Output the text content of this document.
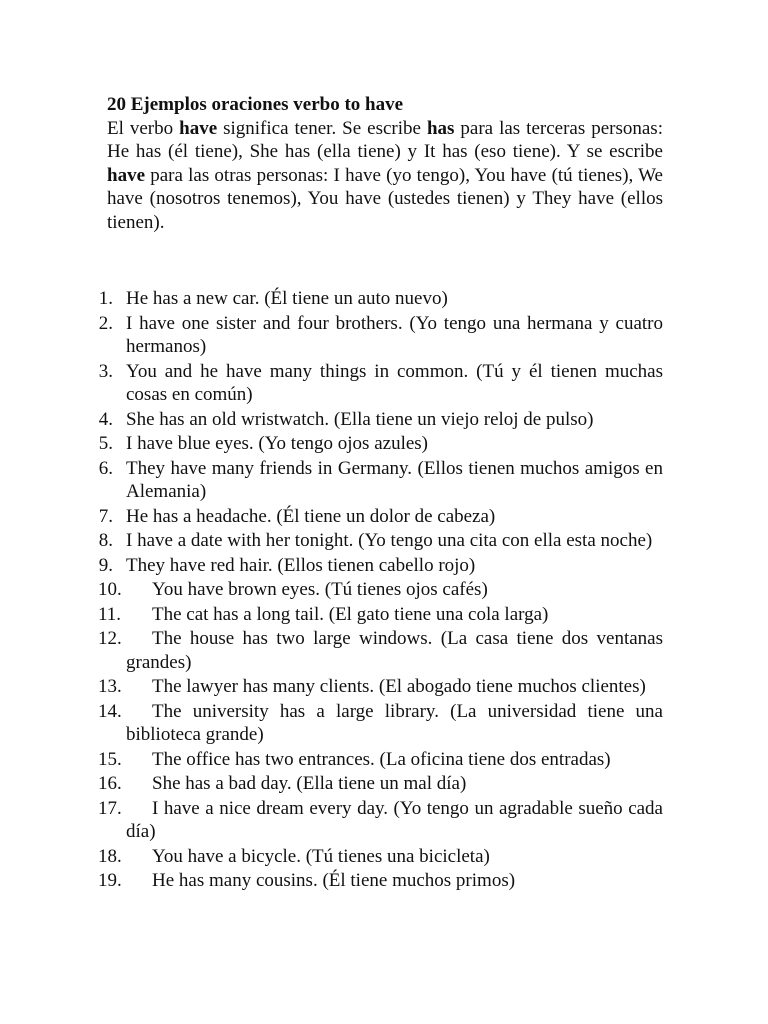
20 Ejemplos oraciones verbo to have

El verbo have significa tener. Se escribe has para las terceras personas: He has (él tiene), She has (ella tiene) y It has (eso tiene). Y se escribe have para las otras personas: I have (yo tengo), You have (tú tienes), We have (nosotros tenemos), You have (ustedes tienen) y They have (ellos tienen).

1. He has a new car. (Él tiene un auto nuevo)
2. I have one sister and four brothers. (Yo tengo una hermana y cuatro hermanos)
3. You and he have many things in common. (Tú y él tienen muchas cosas en común)
4. She has an old wristwatch. (Ella tiene un viejo reloj de pulso)
5. I have blue eyes. (Yo tengo ojos azules)
6. They have many friends in Germany. (Ellos tienen muchos amigos en Alemania)
7. He has a headache. (Él tiene un dolor de cabeza)
8. I have a date with her tonight. (Yo tengo una cita con ella esta noche)
9. They have red hair. (Ellos tienen cabello rojo)
10.	You have brown eyes. (Tú tienes ojos cafés)
11.	The cat has a long tail. (El gato tiene una cola larga)
12.	The house has two large windows. (La casa tiene dos ventanas grandes)
13.	The lawyer has many clients. (El abogado tiene muchos clientes)
14.	The university has a large library. (La universidad tiene una biblioteca grande)
15.	The office has two entrances. (La oficina tiene dos entradas)
16.	She has a bad day. (Ella tiene un mal día)
17.	I have a nice dream every day. (Yo tengo un agradable sueño cada día)
18.	You have a bicycle. (Tú tienes una bicicleta)
19.	He has many cousins. (Él tiene muchos primos)
